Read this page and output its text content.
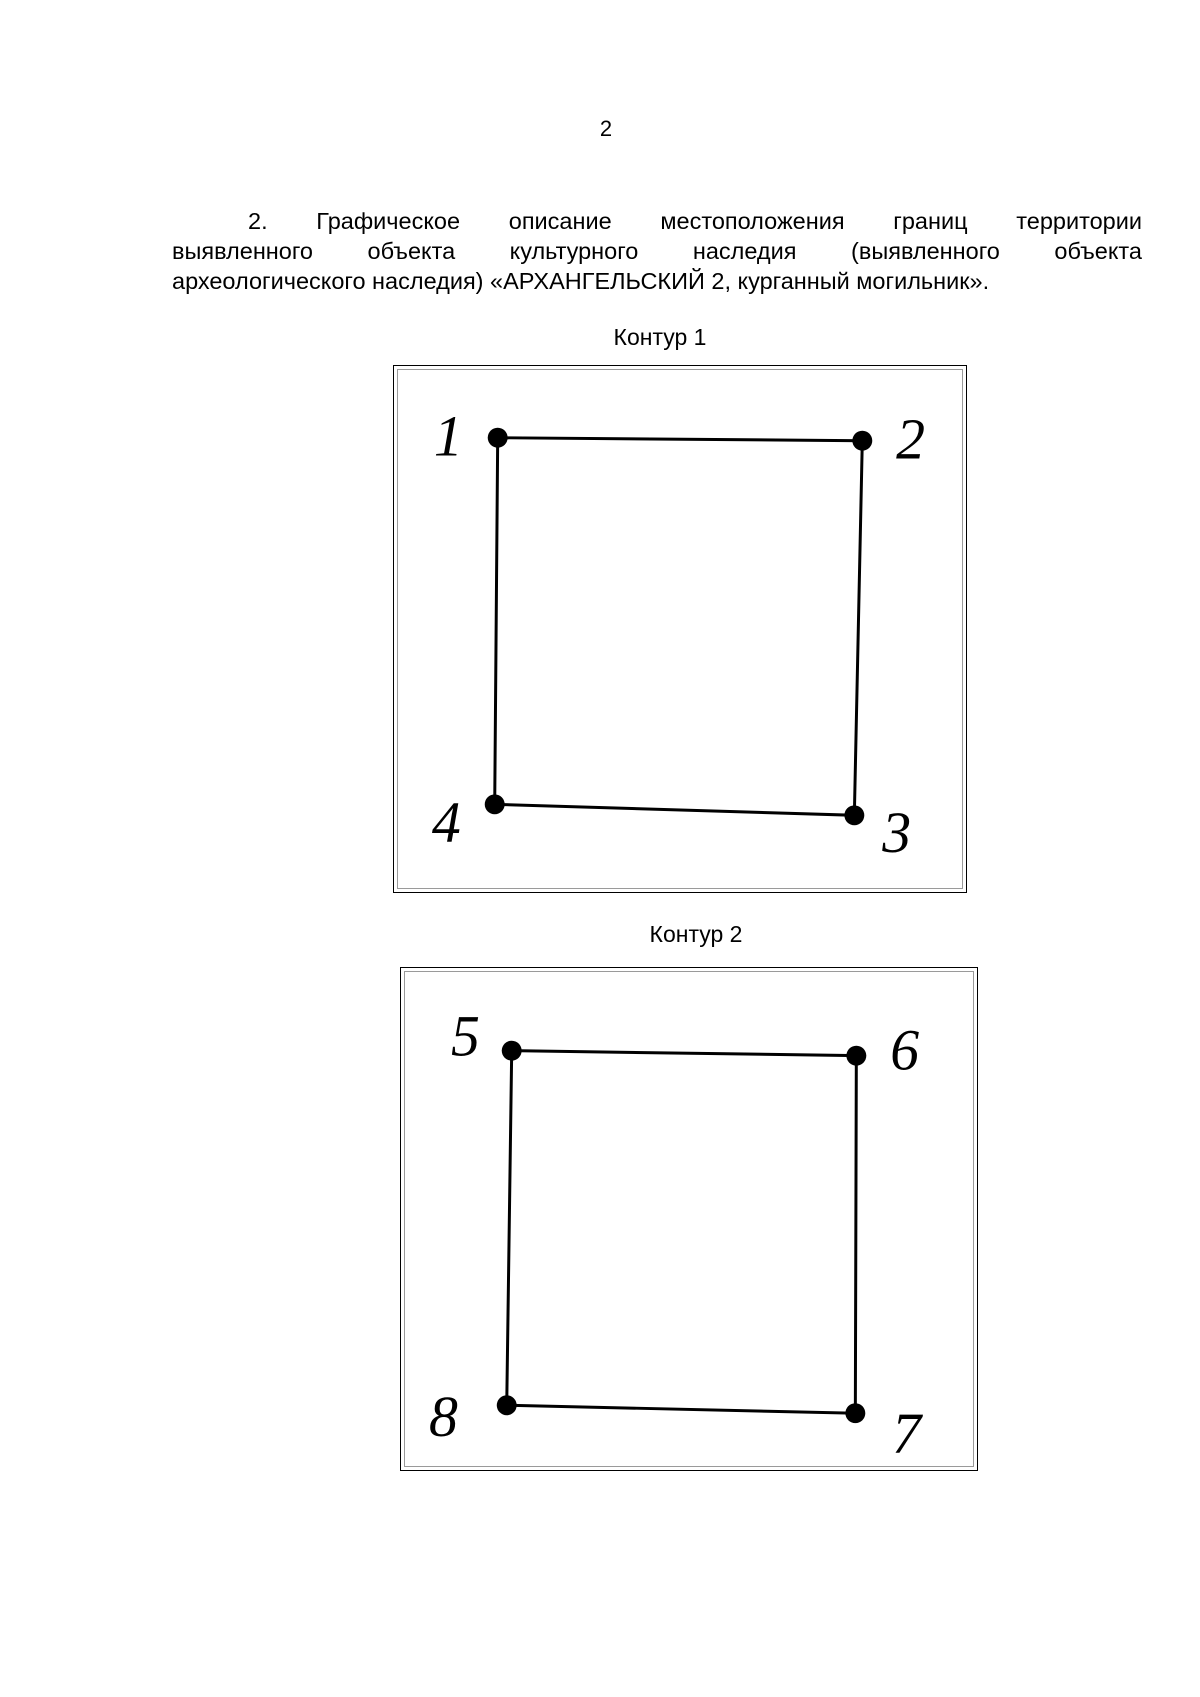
2

2. Графическое описание местоположения границ территории
выявленного объекта культурного наследия (выявленного объекта
археологического наследия) «АРХАНГЕЛЬСКИЙ 2, курганный могильник».

Контур 1
1	2
3
4
Контур 2
5	6
7
8
